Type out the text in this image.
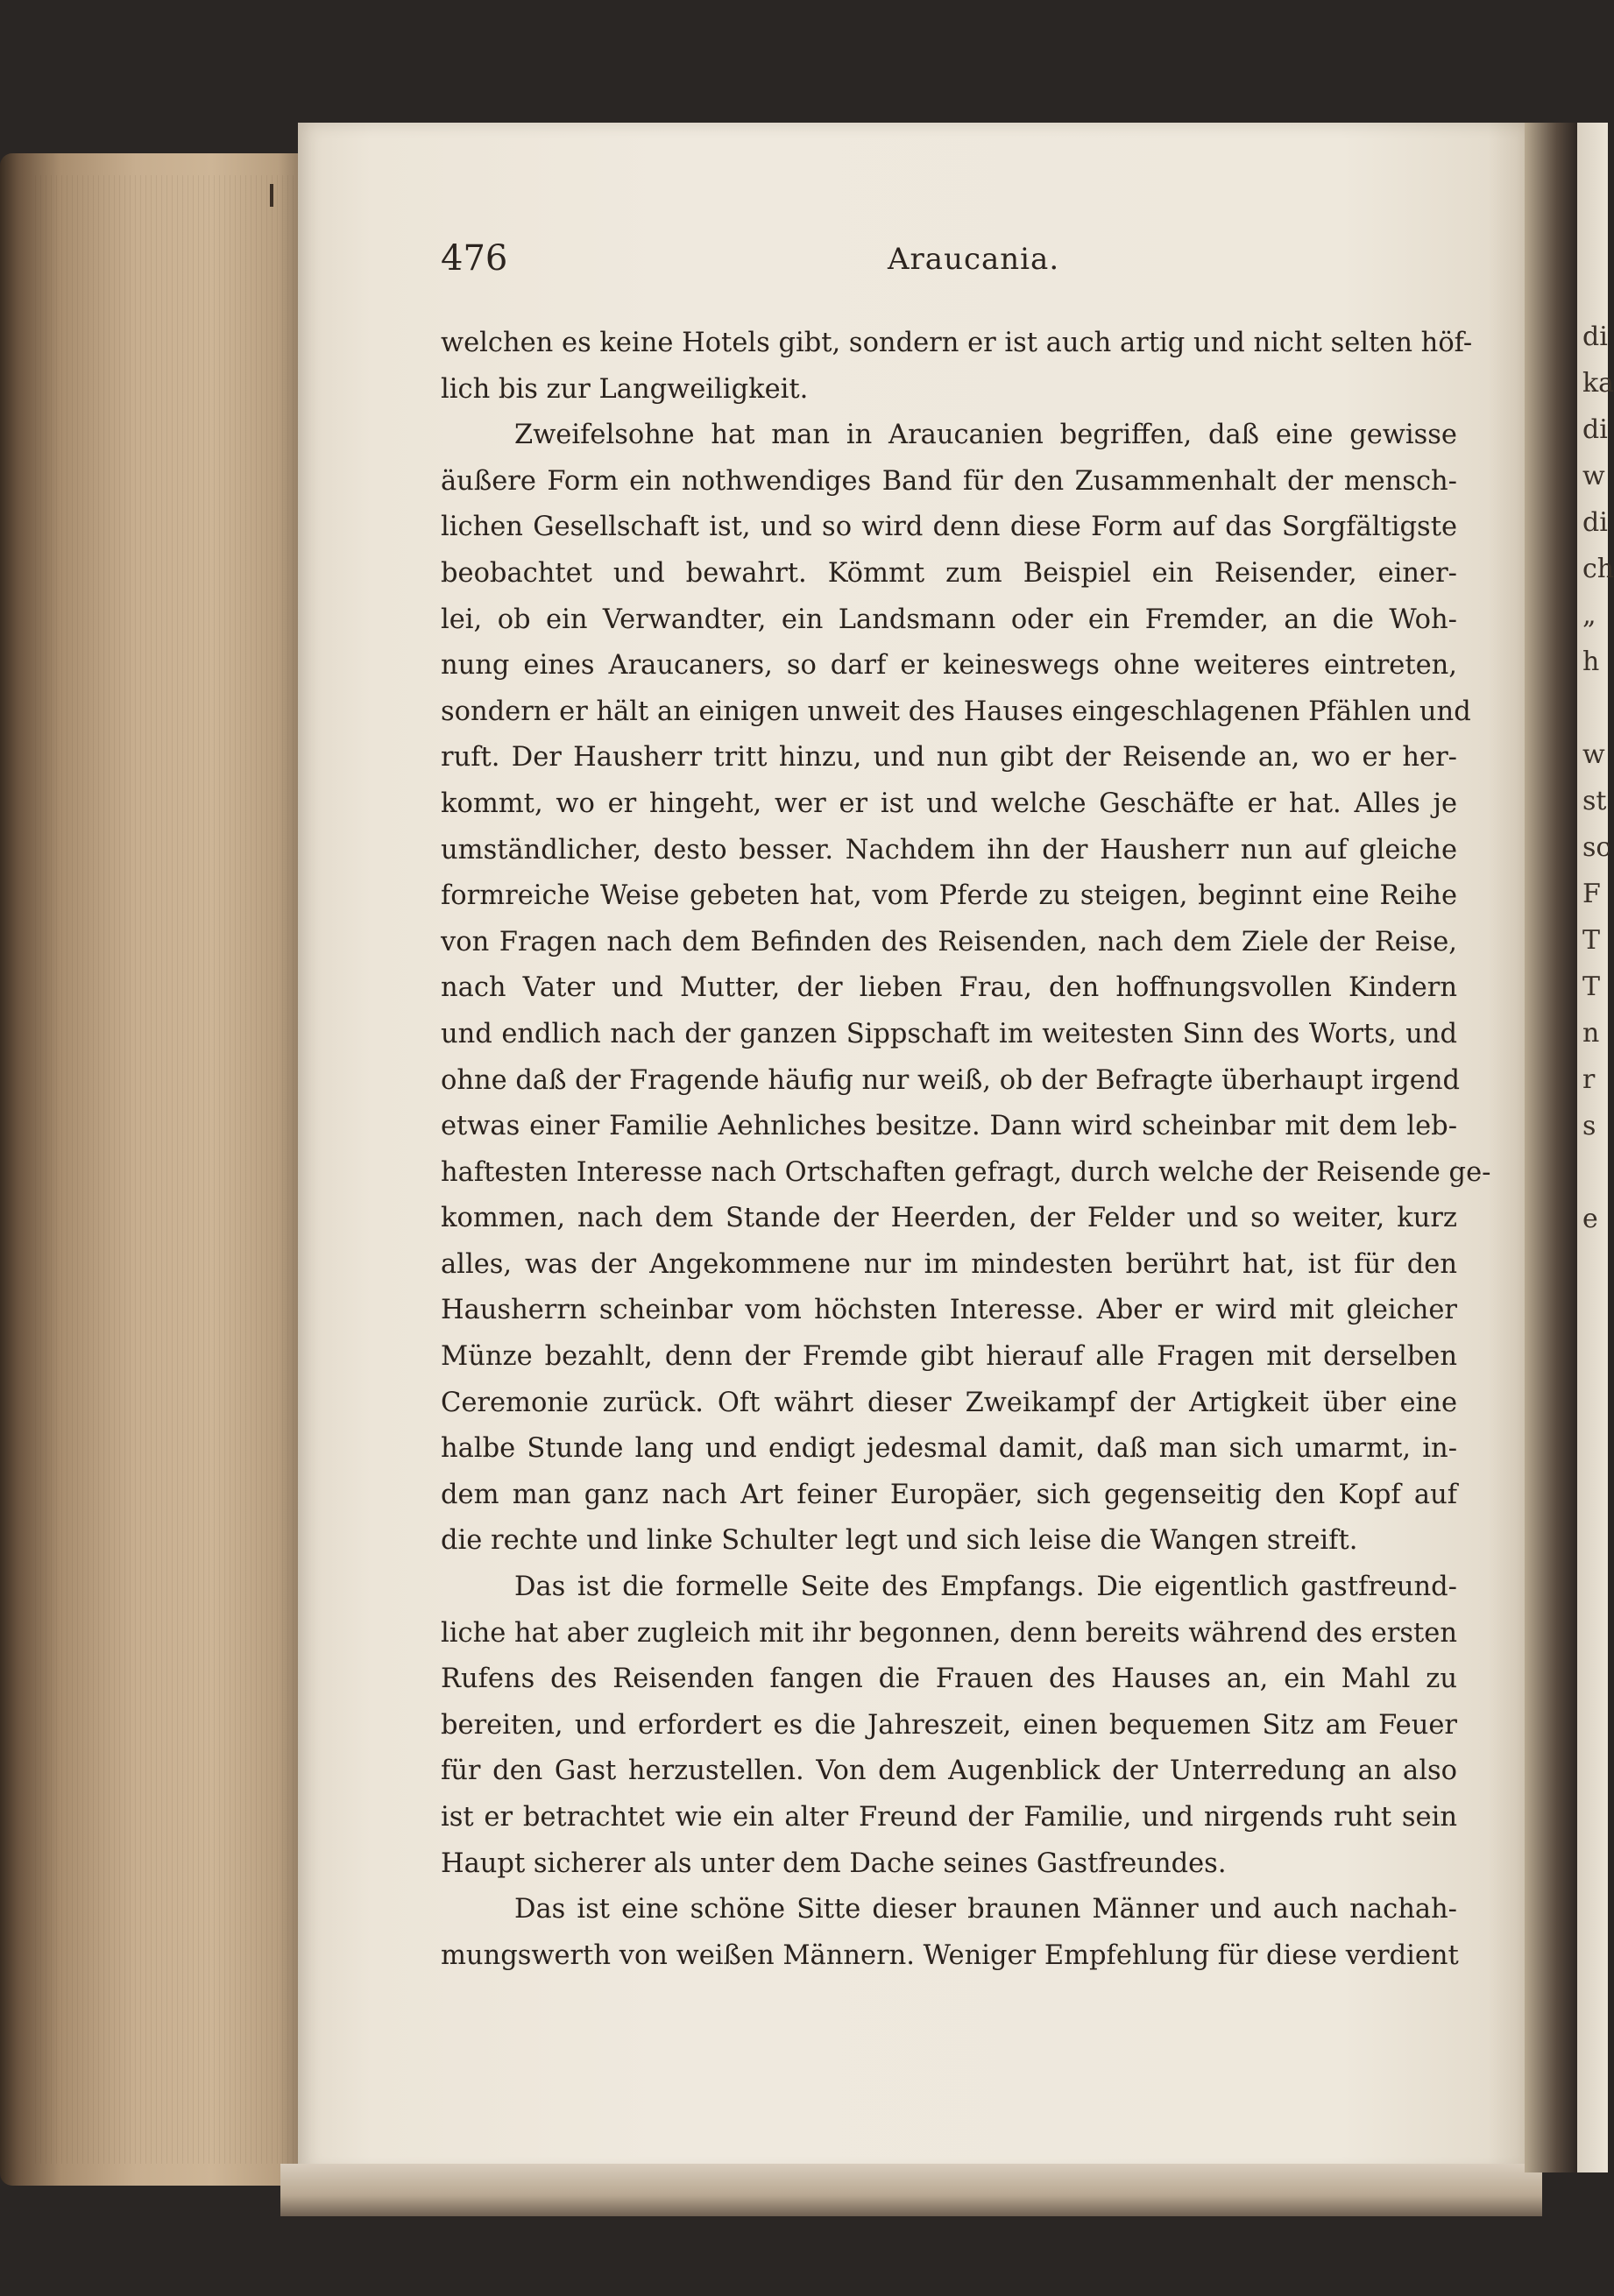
di
ka
di
w
di
ch
„
h

w
st
sc
F
T
T
n
r
s

e
476	Araucania.
welchen es keine Hotels gibt, sondern er ist auch artig und nicht selten höf-
lich bis zur Langweiligkeit.
Zweifelsohne hat man in Araucanien begriffen, daß eine gewisse
äußere Form ein nothwendiges Band für den Zusammenhalt der mensch-
lichen Gesellschaft ist, und so wird denn diese Form auf das Sorgfältigste
beobachtet und bewahrt. Kömmt zum Beispiel ein Reisender, einer-
lei, ob ein Verwandter, ein Landsmann oder ein Fremder, an die Woh-
nung eines Araucaners, so darf er keineswegs ohne weiteres eintreten,
sondern er hält an einigen unweit des Hauses eingeschlagenen Pfählen und
ruft. Der Hausherr tritt hinzu, und nun gibt der Reisende an, wo er her-
kommt, wo er hingeht, wer er ist und welche Geschäfte er hat. Alles je
umständlicher, desto besser. Nachdem ihn der Hausherr nun auf gleiche
formreiche Weise gebeten hat, vom Pferde zu steigen, beginnt eine Reihe
von Fragen nach dem Befinden des Reisenden, nach dem Ziele der Reise,
nach Vater und Mutter, der lieben Frau, den hoffnungsvollen Kindern
und endlich nach der ganzen Sippschaft im weitesten Sinn des Worts, und
ohne daß der Fragende häufig nur weiß, ob der Befragte überhaupt irgend
etwas einer Familie Aehnliches besitze. Dann wird scheinbar mit dem leb-
haftesten Interesse nach Ortschaften gefragt, durch welche der Reisende ge-
kommen, nach dem Stande der Heerden, der Felder und so weiter, kurz
alles, was der Angekommene nur im mindesten berührt hat, ist für den
Hausherrn scheinbar vom höchsten Interesse. Aber er wird mit gleicher
Münze bezahlt, denn der Fremde gibt hierauf alle Fragen mit derselben
Ceremonie zurück. Oft währt dieser Zweikampf der Artigkeit über eine
halbe Stunde lang und endigt jedesmal damit, daß man sich umarmt, in-
dem man ganz nach Art feiner Europäer, sich gegenseitig den Kopf auf
die rechte und linke Schulter legt und sich leise die Wangen streift.
Das ist die formelle Seite des Empfangs. Die eigentlich gastfreund-
liche hat aber zugleich mit ihr begonnen, denn bereits während des ersten
Rufens des Reisenden fangen die Frauen des Hauses an, ein Mahl zu
bereiten, und erfordert es die Jahreszeit, einen bequemen Sitz am Feuer
für den Gast herzustellen. Von dem Augenblick der Unterredung an also
ist er betrachtet wie ein alter Freund der Familie, und nirgends ruht sein
Haupt sicherer als unter dem Dache seines Gastfreundes.
Das ist eine schöne Sitte dieser braunen Männer und auch nachah-
mungswerth von weißen Männern. Weniger Empfehlung für diese verdient
